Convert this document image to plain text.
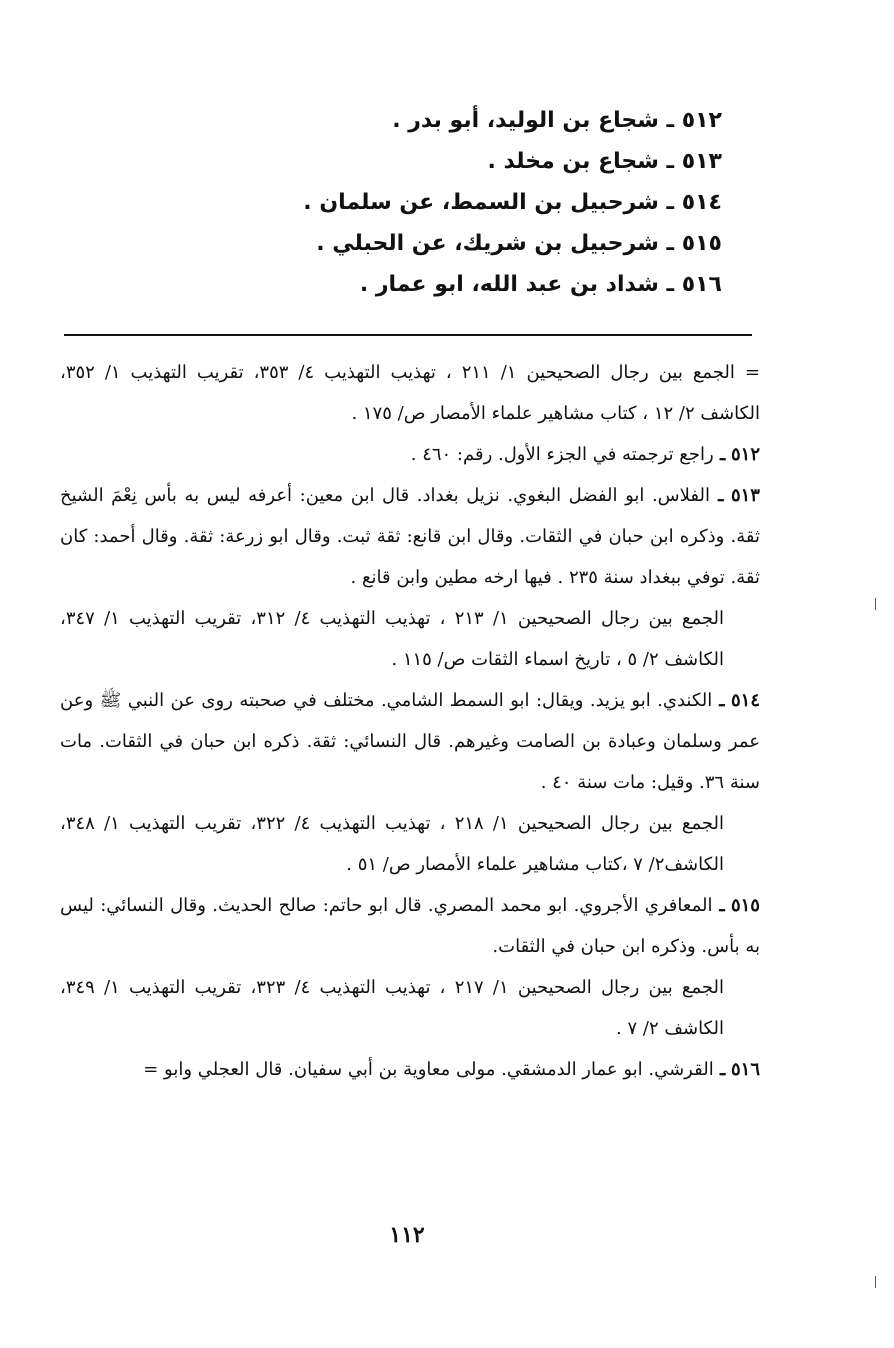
٥١٢ ـ شجاع بن الوليد، أبو بدر .
٥١٣ ـ شجاع بن مخلد .
٥١٤ ـ شرحبيل بن السمط، عن سلمان .
٥١٥ ـ شرحبيل بن شريك، عن الحبلي .
٥١٦ ـ شداد بن عبد الله، ابو عمار .
= الجمع بين رجال الصحيحين ١/ ٢١١ ، تهذيب التهذيب ٤/ ٣٥٣، تقريب التهذيب ١/ ٣٥٢، الكاشف ٢/ ١٢ ، كتاب مشاهير علماء الأمصار ص/ ١٧٥ .
٥١٢ ـ راجع ترجمته في الجزء الأول. رقم: ٤٦٠ .
٥١٣ ـ الفلاس. ابو الفضل البغوي. نزيل بغداد. قال ابن معين: أعرفه ليس به بأس نِعْمَ الشيخ ثقة. وذكره ابن حبان في الثقات. وقال ابن قانع: ثقة ثبت. وقال ابو زرعة: ثقة. وقال أحمد: كان ثقة. توفي ببغداد سنة ٢٣٥ . فيها ارخه مطين وابن قانع .
الجمع بين رجال الصحيحين ١/ ٢١٣ ، تهذيب التهذيب ٤/ ٣١٢، تقريب التهذيب ١/ ٣٤٧، الكاشف ٢/ ٥ ، تاريخ اسماء الثقات ص/ ١١٥ .
٥١٤ ـ الكندي. ابو يزيد. ويقال: ابو السمط الشامي. مختلف في صحبته روى عن النبي ﷺ وعن عمر وسلمان وعبادة بن الصامت وغيرهم. قال النسائي: ثقة. ذكره ابن حبان في الثقات. مات سنة ٣٦. وقيل: مات سنة ٤٠ .
الجمع بين رجال الصحيحين ١/ ٢١٨ ، تهذيب التهذيب ٤/ ٣٢٢، تقريب التهذيب ١/ ٣٤٨، الكاشف٢/ ٧ ،كتاب مشاهير علماء الأمصار ص/ ٥١ .
٥١٥ ـ المعافري الأجروي. ابو محمد المصري. قال ابو حاتم: صالح الحديث. وقال النسائي: ليس به بأس. وذكره ابن حبان في الثقات.
الجمع بين رجال الصحيحين ١/ ٢١٧ ، تهذيب التهذيب ٤/ ٣٢٣، تقريب التهذيب ١/ ٣٤٩، الكاشف ٢/ ٧ .
٥١٦ ـ القرشي. ابو عمار الدمشقي. مولى معاوية بن أبي سفيان. قال العجلي وابو =
١١٢
